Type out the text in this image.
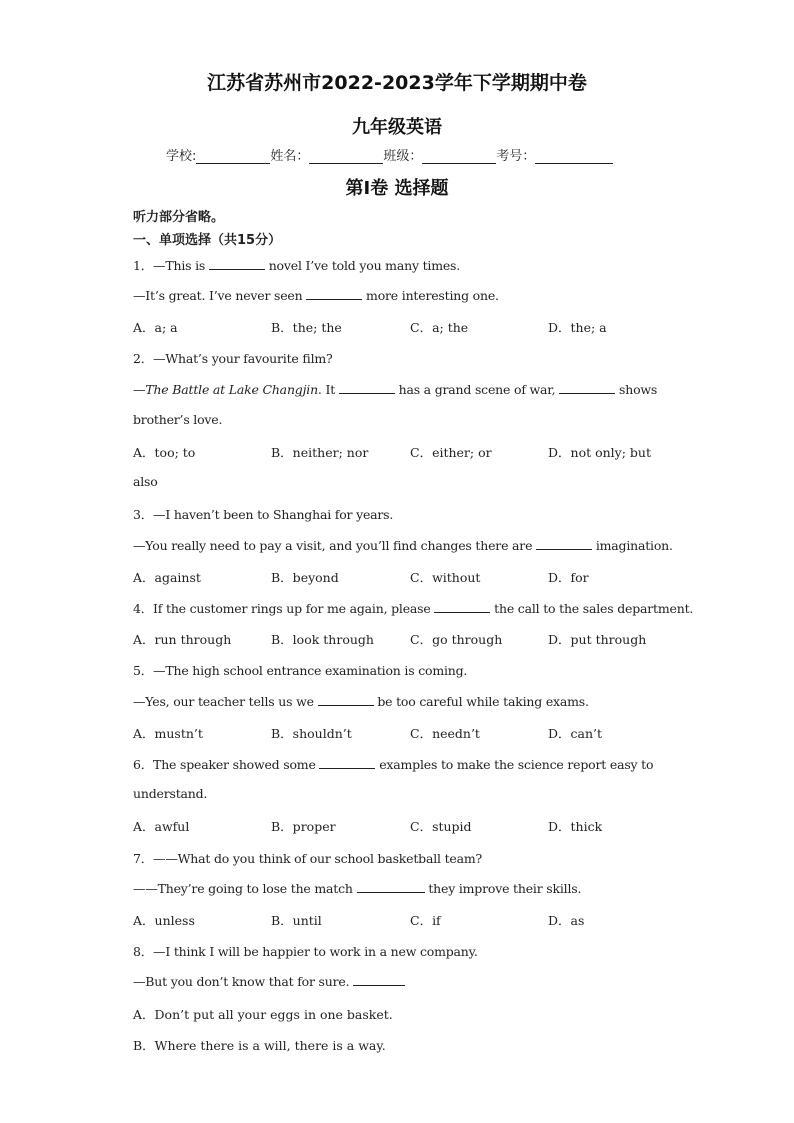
江苏省苏州市2022-2023学年下学期期中卷
九年级英语
学校:	姓名：	班级：	考号：
第Ⅰ卷 选择题
听力部分省略。
一、单项选择（共15分）
1．—This is	novel I’ve told you many times.
—It’s great. I’ve never seen	more interesting one.
A．a; a	B．the; the	C．a; the	D．the; a
2．—What’s your favourite film?
—The Battle at Lake Changjin. It	has a grand scene of war,	shows
brother’s love.
A．too; to	B．neither; nor	C．either; or	D．not only; but
also
3．—I haven’t been to Shanghai for years.
—You really need to pay a visit, and you’ll find changes there are	imagination.
A．against	B．beyond	C．without	D．for
4．If the customer rings up for me again, please	the call to the sales department.
A．run through	B．look through	C．go through	D．put through
5．—The high school entrance examination is coming.
—Yes, our teacher tells us we	be too careful while taking exams.
A．mustn’t	B．shouldn’t	C．needn’t	D．can’t
6．The speaker showed some	examples to make the science report easy to
understand.
A．awful	B．proper	C．stupid	D．thick
7．——What do you think of our school basketball team?
——They’re going to lose the match	they improve their skills.
A．unless	B．until	C．if	D．as
8．—I think I will be happier to work in a new company.
—But you don’t know that for sure.
A．Don’t put all your eggs in one basket.
B．Where there is a will, there is a way.
